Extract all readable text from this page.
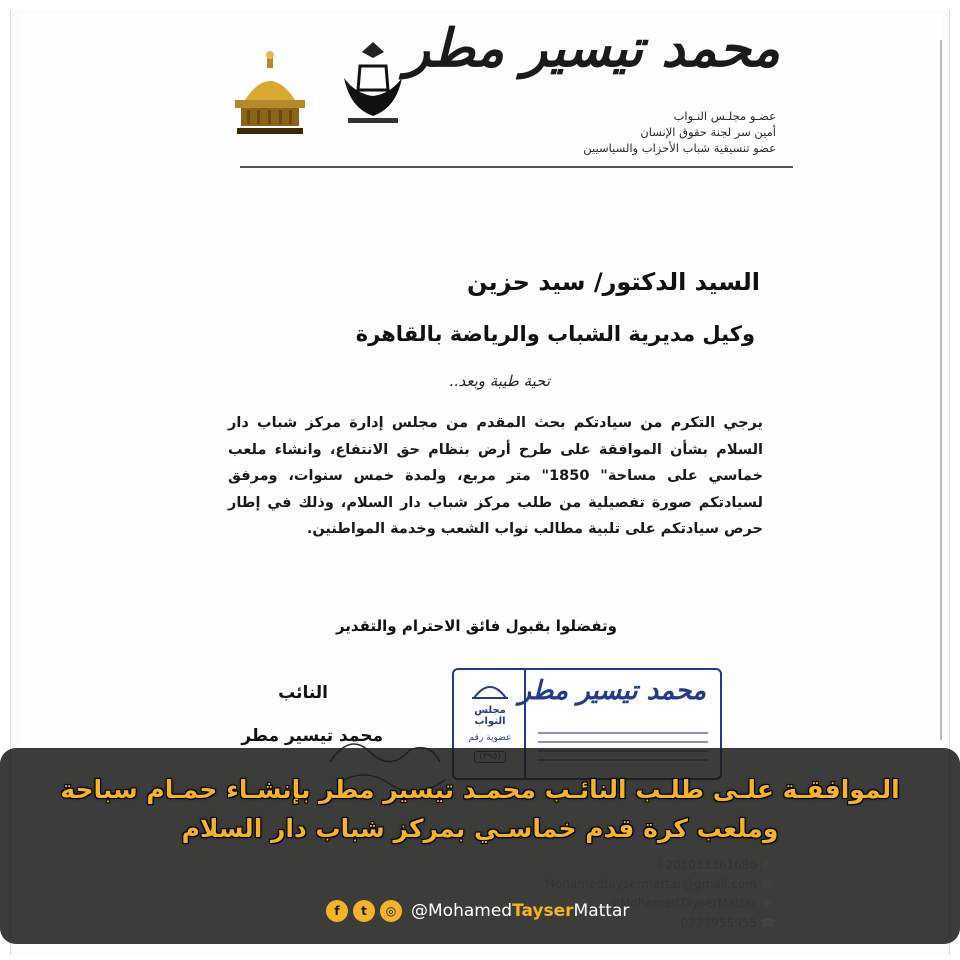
محمد تيسير مطر
عضـو مجلـس النـواب
أمين سر لجنة حقوق الإنسان
عضو تنسيقية شباب الأحزاب والسياسيين
السيد الدكتور/ سيد حزين
وكيل مديرية الشباب والرياضة بالقاهرة
تحية طيبة وبعد..
يرجي التكرم من سيادتكم بحث المقدم من مجلس إدارة مركز شباب دار السلام بشأن الموافقة على طرح أرض بنظام حق الانتفاع، وانشاء ملعب خماسي على مساحة" 1850" متر مربع، ولمدة خمس سنوات، ومرفق لسيادتكم صورة تفصيلية من طلب مركز شباب دار السلام، وذلك في إطار حرص سيادتكم على تلبية مطالب نواب الشعب وخدمة المواطنين.
وتفضلوا بقبول فائق الاحترام والتقدير
النائب
محمد تيسير مطر
مجلس النواب
عضوية رقم
محمد تيسير مطر
+201033361686 ✆
Mohamedtaysermattar@gmail.com ✉
@MohamedTayserMattar ⊕
0227955955 ☎
الموافقـة علـى طلـب النائـب محمـد تيسير مطر بإنشـاء حمـام سباحة وملعب كرة قدم خماسـي بمركز شباب دار السلام
f	t	◎ @MohamedTayserMattar
